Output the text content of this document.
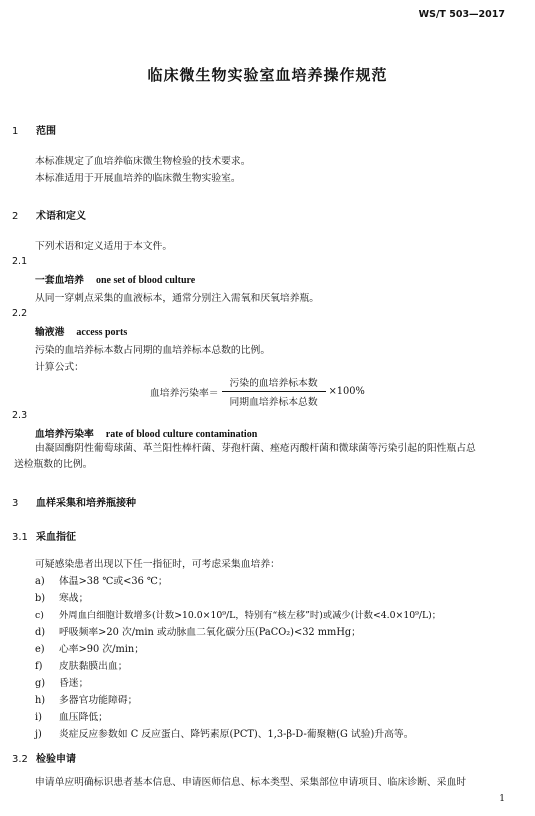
WS/T 503—2017
临床微生物实验室血培养操作规范
1 范围
本标准规定了血培养临床微生物检验的技术要求。
本标准适用于开展血培养的临床微生物实验室。
2 术语和定义
下列术语和定义适用于本文件。
2.1
一套血培养 one set of blood culture
从同一穿刺点采集的血液标本，通常分别注入需氧和厌氧培养瓶。
2.2
输液港 access ports
污染的血培养标本数占同期的血培养标本总数的比例。
计算公式：
血培养污染率＝ $\frac{\text{污染的血培养标本数}}{\text{同期血培养标本总数}} \times 100\%$
2.3
血培养污染率 rate of blood culture contamination
由凝固酶阴性葡萄球菌、革兰阳性棒杆菌、芽孢杆菌、痤疮丙酸杆菌和微球菌等污染引起的阳性瓶占总送检瓶数的比例。
3 血样采集和培养瓶接种
3.1 采血指征
可疑感染患者出现以下任一指征时，可考虑采集血培养：
a) 体温>38 ℃或<36 ℃；
b) 寒战；
c) 外周血白细胞计数增多(计数>10.0×10⁹/L，特别有“核左移”时)或减少(计数<4.0×10⁹/L)；
d) 呼吸频率>20 次/min 或动脉血二氧化碳分压(PaCO₂)<32 mmHg；
e) 心率>90 次/min；
f) 皮肤黏膜出血；
g) 昏迷；
h) 多器官功能障碍；
i) 血压降低；
j) 炎症反应参数如 C 反应蛋白、降钙素原(PCT)、1,3-β-D-葡聚糖(G 试验)升高等。
3.2 检验申请
申请单应明确标识患者基本信息、申请医师信息、标本类型、采集部位申请项目、临床诊断、采血时
1
